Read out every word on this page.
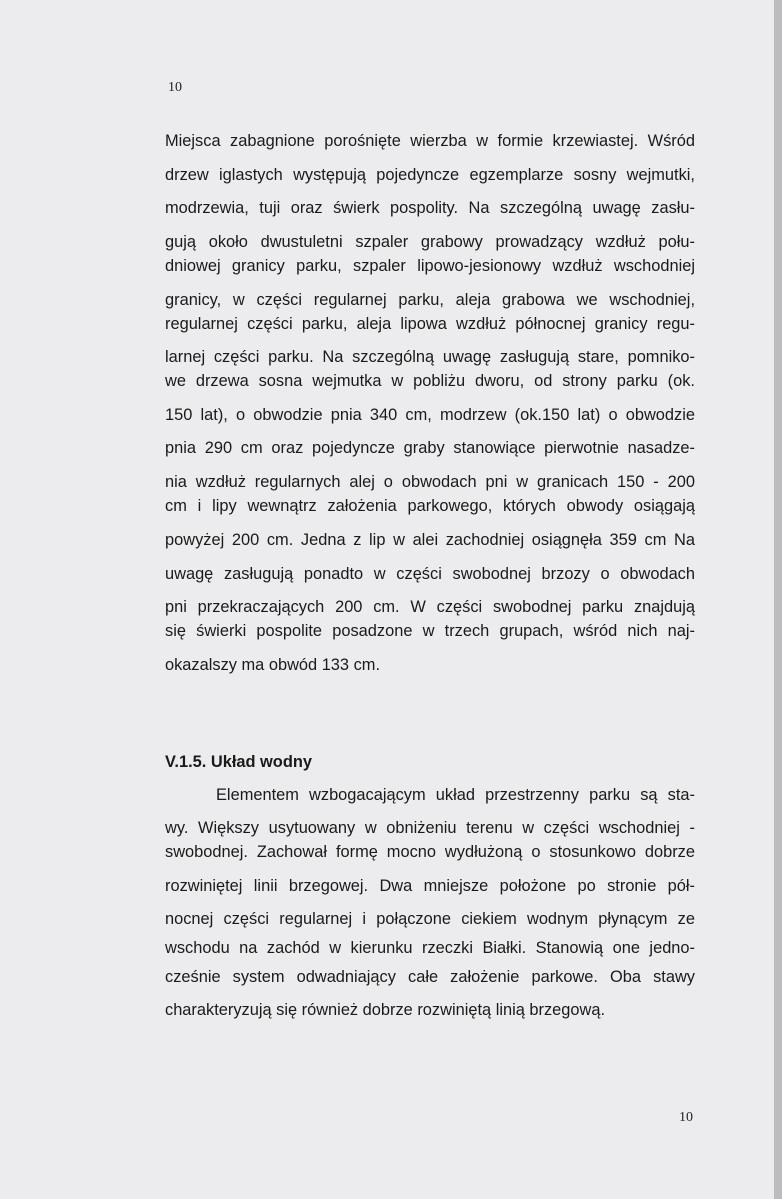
10
Miejsca zabagnione porośnięte wierzba w formie krzewiastej. Wśród
drzew iglastych występują pojedyncze egzemplarze sosny wejmutki,
modrzewia, tuji oraz świerk pospolity. Na szczególną uwagę zasłu-
gują około dwustuletni szpaler grabowy prowadzący wzdłuż połu-
dniowej granicy parku, szpaler lipowo-jesionowy wzdłuż wschodniej
granicy, w części regularnej parku, aleja grabowa we wschodniej,
regularnej części parku, aleja lipowa wzdłuż północnej granicy regu-
larnej części parku. Na szczególną uwagę zasługują stare, pomniko-
we drzewa sosna wejmutka w pobliżu dworu, od strony parku (ok.
150 lat), o obwodzie pnia 340 cm, modrzew (ok.150 lat) o obwodzie
pnia 290 cm oraz pojedyncze graby stanowiące pierwotnie nasadze-
nia wzdłuż regularnych alej o obwodach pni w granicach 150 - 200
cm i lipy wewnątrz założenia parkowego, których obwody osiągają
powyżej 200 cm. Jedna z lip w alei zachodniej osiągnęła 359 cm Na
uwagę zasługują ponadto w części swobodnej brzozy o obwodach
pni przekraczających 200 cm. W części swobodnej parku znajdują
się świerki pospolite posadzone w trzech grupach, wśród nich naj-
okazalszy ma obwód 133 cm.
V.1.5. Układ wodny
Elementem wzbogacającym układ przestrzenny parku są sta-
wy. Większy usytuowany w obniżeniu terenu w części wschodniej -
swobodnej. Zachował formę mocno wydłużoną o stosunkowo dobrze
rozwiniętej linii brzegowej. Dwa mniejsze położone po stronie pół-
nocnej części regularnej i połączone ciekiem wodnym płynącym ze
wschodu na zachód w kierunku rzeczki Białki. Stanowią one jedno-
cześnie system odwadniający całe założenie parkowe. Oba stawy
charakteryzują się również dobrze rozwiniętą linią brzegową.
10
